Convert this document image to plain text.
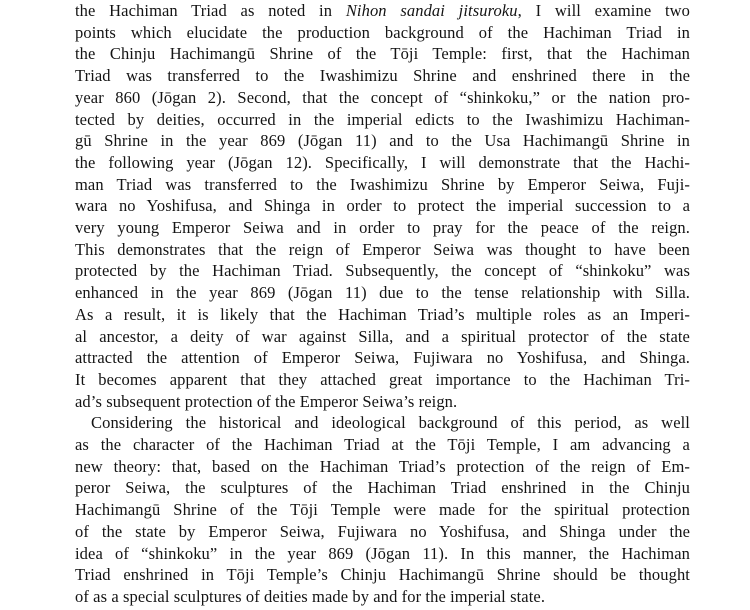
the Hachiman Triad as noted in Nihon sandai jitsuroku, I will examine two
points which elucidate the production background of the Hachiman Triad in
the Chinju Hachimangū Shrine of the Tōji Temple: first, that the Hachiman
Triad was transferred to the Iwashimizu Shrine and enshrined there in the
year 860 (Jōgan 2). Second, that the concept of “shinkoku,” or the nation pro-
tected by deities, occurred in the imperial edicts to the Iwashimizu Hachiman-
gū Shrine in the year 869 (Jōgan 11) and to the Usa Hachimangū Shrine in
the following year (Jōgan 12). Specifically, I will demonstrate that the Hachi-
man Triad was transferred to the Iwashimizu Shrine by Emperor Seiwa, Fuji-
wara no Yoshifusa, and Shinga in order to protect the imperial succession to a
very young Emperor Seiwa and in order to pray for the peace of the reign.
This demonstrates that the reign of Emperor Seiwa was thought to have been
protected by the Hachiman Triad. Subsequently, the concept of “shinkoku” was
enhanced in the year 869 (Jōgan 11) due to the tense relationship with Silla.
As a result, it is likely that the Hachiman Triad’s multiple roles as an Imperi-
al ancestor, a deity of war against Silla, and a spiritual protector of the state
attracted the attention of Emperor Seiwa, Fujiwara no Yoshifusa, and Shinga.
It becomes apparent that they attached great importance to the Hachiman Tri-
ad’s subsequent protection of the Emperor Seiwa’s reign.

Considering the historical and ideological background of this period, as well
as the character of the Hachiman Triad at the Tōji Temple, I am advancing a
new theory: that, based on the Hachiman Triad’s protection of the reign of Em-
peror Seiwa, the sculptures of the Hachiman Triad enshrined in the Chinju
Hachimangū Shrine of the Tōji Temple were made for the spiritual protection
of the state by Emperor Seiwa, Fujiwara no Yoshifusa, and Shinga under the
idea of “shinkoku” in the year 869 (Jōgan 11). In this manner, the Hachiman
Triad enshrined in Tōji Temple’s Chinju Hachimangū Shrine should be thought
of as a special sculptures of deities made by and for the imperial state.
